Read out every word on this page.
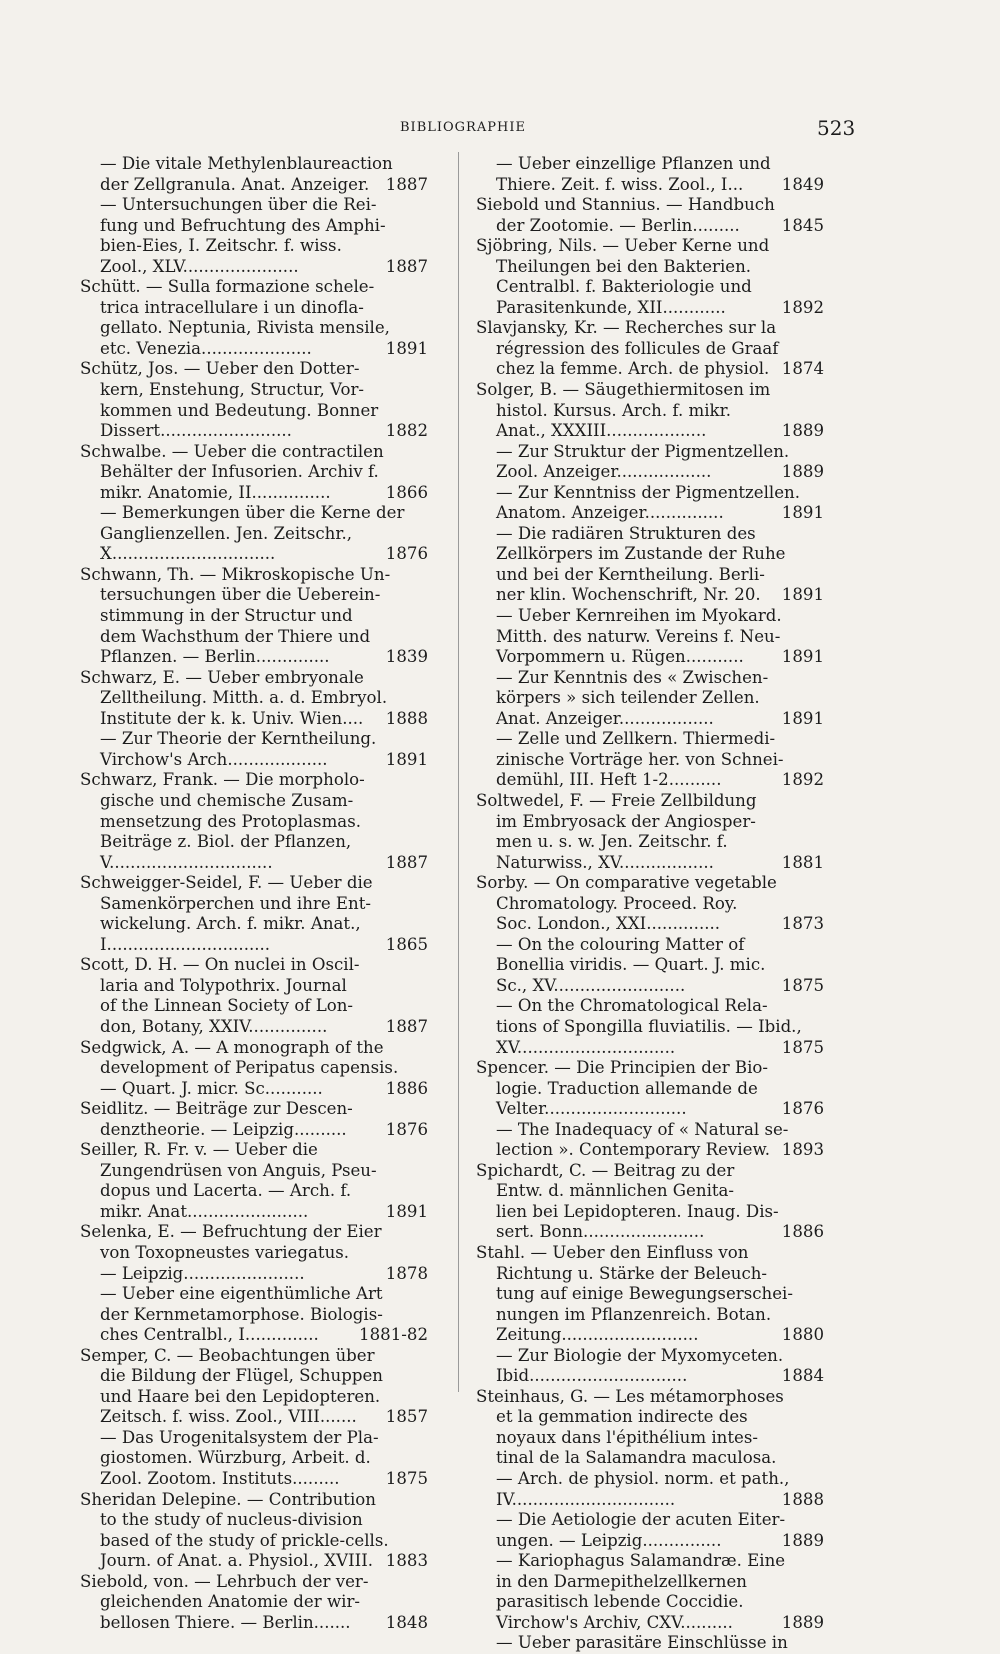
BIBLIOGRAPHIE	523
— Die vitale Methylenblaureaction
der Zellgranula. Anat. Anzeiger. 1887
— Untersuchungen über die Rei-
fung und Befruchtung des Amphi-
bien-Eies, I. Zeitschr. f. wiss.
Zool., XLV......................	1887
Schütt. — Sulla formazione schele-
trica intracellulare i un dinofla-
gellato. Neptunia, Rivista mensile,
etc. Venezia.....................	1891
Schütz, Jos. — Ueber den Dotter-
kern, Enstehung, Structur, Vor-
kommen und Bedeutung. Bonner
Dissert.........................	1882
Schwalbe. — Ueber die contractilen
Behälter der Infusorien. Archiv f.
mikr. Anatomie, II...............	1866
— Bemerkungen über die Kerne der
Ganglienzellen. Jen. Zeitschr.,
X...............................	1876
Schwann, Th. — Mikroskopische Un-
tersuchungen über die Ueberein-
stimmung in der Structur und
dem Wachsthum der Thiere und
Pflanzen. — Berlin..............	1839
Schwarz, E. — Ueber embryonale
Zelltheilung. Mitth. a. d. Embryol.
Institute der k. k. Univ. Wien.... 1888
— Zur Theorie der Kerntheilung.
Virchow's Arch...................	1891
Schwarz, Frank. — Die morpholo-
gische und chemische Zusam-
mensetzung des Protoplasmas.
Beiträge z. Biol. der Pflanzen,
V...............................	1887
Schweigger-Seidel, F. — Ueber die
Samenkörperchen und ihre Ent-
wickelung. Arch. f. mikr. Anat.,
I...............................	1865
Scott, D. H. — On nuclei in Oscil-
laria and Tolypothrix. Journal
of the Linnean Society of Lon-
don, Botany, XXIV...............	1887
Sedgwick, A. — A monograph of the
development of Peripatus capensis.
— Quart. J. micr. Sc...........	1886
Seidlitz. — Beiträge zur Descen-
denztheorie. — Leipzig.......... 1876
Seiller, R. Fr. v. — Ueber die
Zungendrüsen von Anguis, Pseu-
dopus und Lacerta. — Arch. f.
mikr. Anat.......................	1891
Selenka, E. — Befruchtung der Eier
von Toxopneustes variegatus.
— Leipzig.......................	1878
— Ueber eine eigenthümliche Art
der Kernmetamorphose. Biologis-
ches Centralbl., I.............. 1881-82
Semper, C. — Beobachtungen über
die Bildung der Flügel, Schuppen
und Haare bei den Lepidopteren.
Zeitsch. f. wiss. Zool., VIII....... 1857
— Das Urogenitalsystem der Pla-
giostomen. Würzburg, Arbeit. d.
Zool. Zootom. Instituts.........	1875
Sheridan Delepine. — Contribution
to the study of nucleus-division
based of the study of prickle-cells.
Journ. of Anat. a. Physiol., XVIII. 1883
Siebold, von. — Lehrbuch der ver-
gleichenden Anatomie der wir-
bellosen Thiere. — Berlin....... 1848
— Ueber einzellige Pflanzen und
Thiere. Zeit. f. wiss. Zool., I... 1849
Siebold und Stannius. — Handbuch
der Zootomie. — Berlin.........	1845
Sjöbring, Nils. — Ueber Kerne und
Theilungen bei den Bakterien.
Centralbl. f. Bakteriologie und
Parasitenkunde, XII............	1892
Slavjansky, Kr. — Recherches sur la
régression des follicules de Graaf
chez la femme. Arch. de physiol. 1874
Solger, B. — Säugethiermitosen im
histol. Kursus. Arch. f. mikr.
Anat., XXXIII...................	1889
— Zur Struktur der Pigmentzellen.
Zool. Anzeiger..................	1889
— Zur Kenntniss der Pigmentzellen.
Anatom. Anzeiger...............	1891
— Die radiären Strukturen des
Zellkörpers im Zustande der Ruhe
und bei der Kerntheilung. Berli-
ner klin. Wochenschrift, Nr. 20. 1891
— Ueber Kernreihen im Myokard.
Mitth. des naturw. Vereins f. Neu-
Vorpommern u. Rügen........... 1891
— Zur Kenntnis des « Zwischen-
körpers » sich teilender Zellen.
Anat. Anzeiger..................	1891
— Zelle und Zellkern. Thiermedi-
zinische Vorträge her. von Schnei-
demühl, III. Heft 1-2..........	1892
Soltwedel, F. — Freie Zellbildung
im Embryosack der Angiosper-
men u. s. w. Jen. Zeitschr. f.
Naturwiss., XV..................	1881
Sorby. — On comparative vegetable
Chromatology. Proceed. Roy.
Soc. London., XXI..............	1873
— On the colouring Matter of
Bonellia viridis. — Quart. J. mic.
Sc., XV.........................	1875
— On the Chromatological Rela-
tions of Spongilla fluviatilis. — Ibid.,
XV..............................	1875
Spencer. — Die Principien der Bio-
logie. Traduction allemande de
Velter...........................	1876
— The Inadequacy of « Natural se-
lection ». Contemporary Review. 1893
Spichardt, C. — Beitrag zu der
Entw. d. männlichen Genita-
lien bei Lepidopteren. Inaug. Dis-
sert. Bonn.......................	1886
Stahl. — Ueber den Einfluss von
Richtung u. Stärke der Beleuch-
tung auf einige Bewegungserschei-
nungen im Pflanzenreich. Botan.
Zeitung..........................	1880
— Zur Biologie der Myxomyceten.
Ibid..............................	1884
Steinhaus, G. — Les métamorphoses
et la gemmation indirecte des
noyaux dans l'épithélium intes-
tinal de la Salamandra maculosa.
— Arch. de physiol. norm. et path.,
IV...............................	1888
— Die Aetiologie der acuten Eiter-
ungen. — Leipzig...............	1889
— Kariophagus Salamandræ. Eine
in den Darmepithelzellkernen
parasitisch lebende Coccidie.
Virchow's Archiv, CXV..........	1889
— Ueber parasitäre Einschlüsse in
